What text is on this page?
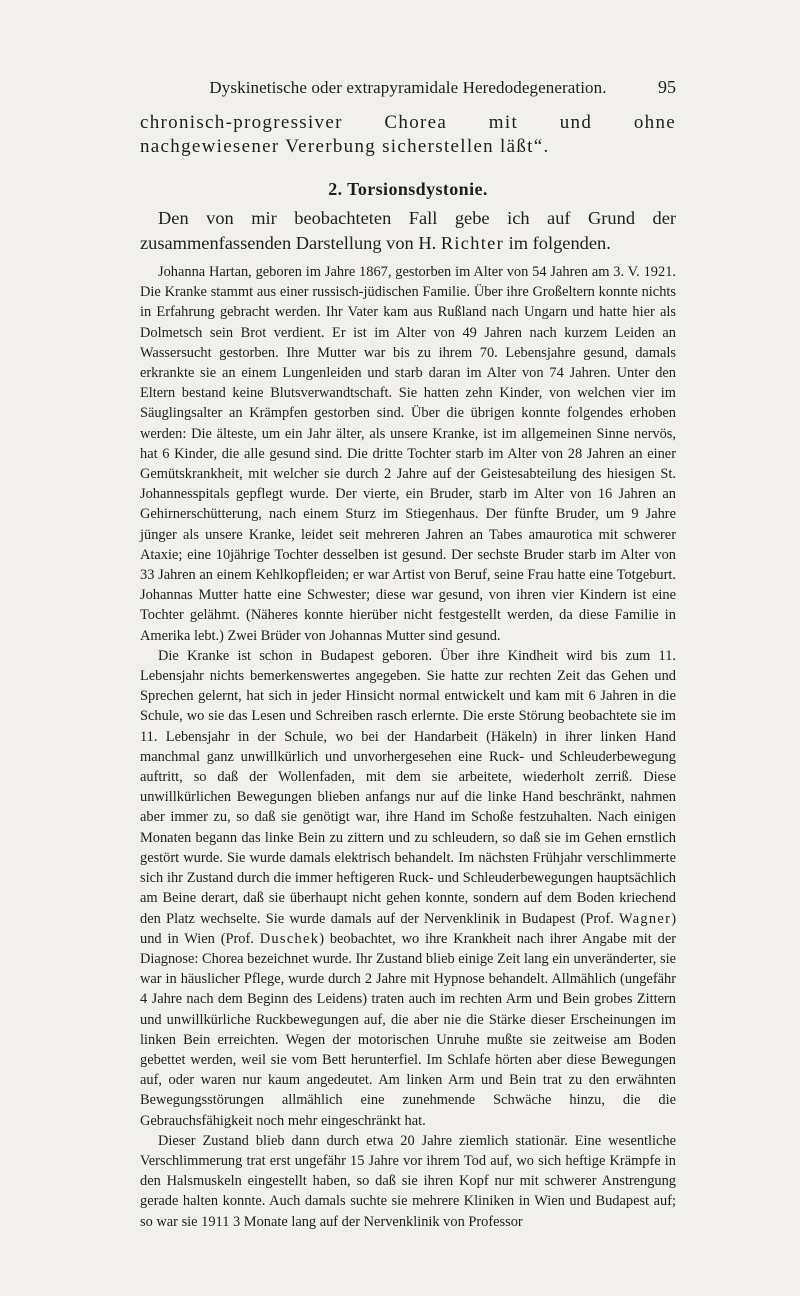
Dyskinetische oder extrapyramidale Heredodegeneration.	95

chronisch-progressiver Chorea mit und ohne nachgewiesener Vererbung sicherstellen läßt“.

2. Torsionsdystonie.

Den von mir beobachteten Fall gebe ich auf Grund der zusammenfassenden Darstellung von H. Richter im folgenden.

Johanna Hartan, geboren im Jahre 1867, gestorben im Alter von 54 Jahren am 3. V. 1921. Die Kranke stammt aus einer russisch-jüdischen Familie. Über ihre Großeltern konnte nichts in Erfahrung gebracht werden. Ihr Vater kam aus Rußland nach Ungarn und hatte hier als Dolmetsch sein Brot verdient. Er ist im Alter von 49 Jahren nach kurzem Leiden an Wassersucht gestorben. Ihre Mutter war bis zu ihrem 70. Lebensjahre gesund, damals erkrankte sie an einem Lungenleiden und starb daran im Alter von 74 Jahren. Unter den Eltern bestand keine Blutsverwandtschaft. Sie hatten zehn Kinder, von welchen vier im Säuglingsalter an Krämpfen gestorben sind. Über die übrigen konnte folgendes erhoben werden: Die älteste, um ein Jahr älter, als unsere Kranke, ist im allgemeinen Sinne nervös, hat 6 Kinder, die alle gesund sind. Die dritte Tochter starb im Alter von 28 Jahren an einer Gemütskrankheit, mit welcher sie durch 2 Jahre auf der Geistesabteilung des hiesigen St. Johannesspitals gepflegt wurde. Der vierte, ein Bruder, starb im Alter von 16 Jahren an Gehirnerschütterung, nach einem Sturz im Stiegenhaus. Der fünfte Bruder, um 9 Jahre jünger als unsere Kranke, leidet seit mehreren Jahren an Tabes amaurotica mit schwerer Ataxie; eine 10jährige Tochter desselben ist gesund. Der sechste Bruder starb im Alter von 33 Jahren an einem Kehlkopfleiden; er war Artist von Beruf, seine Frau hatte eine Totgeburt. Johannas Mutter hatte eine Schwester; diese war gesund, von ihren vier Kindern ist eine Tochter gelähmt. (Näheres konnte hierüber nicht festgestellt werden, da diese Familie in Amerika lebt.) Zwei Brüder von Johannas Mutter sind gesund.

Die Kranke ist schon in Budapest geboren. Über ihre Kindheit wird bis zum 11. Lebensjahr nichts bemerkenswertes angegeben. Sie hatte zur rechten Zeit das Gehen und Sprechen gelernt, hat sich in jeder Hinsicht normal entwickelt und kam mit 6 Jahren in die Schule, wo sie das Lesen und Schreiben rasch erlernte. Die erste Störung beobachtete sie im 11. Lebensjahr in der Schule, wo bei der Handarbeit (Häkeln) in ihrer linken Hand manchmal ganz unwillkürlich und unvorhergesehen eine Ruck- und Schleuderbewegung auftritt, so daß der Wollenfaden, mit dem sie arbeitete, wiederholt zerriß. Diese unwillkürlichen Bewegungen blieben anfangs nur auf die linke Hand beschränkt, nahmen aber immer zu, so daß sie genötigt war, ihre Hand im Schoße festzuhalten. Nach einigen Monaten begann das linke Bein zu zittern und zu schleudern, so daß sie im Gehen ernstlich gestört wurde. Sie wurde damals elektrisch behandelt. Im nächsten Frühjahr verschlimmerte sich ihr Zustand durch die immer heftigeren Ruck- und Schleuderbewegungen hauptsächlich am Beine derart, daß sie überhaupt nicht gehen konnte, sondern auf dem Boden kriechend den Platz wechselte. Sie wurde damals auf der Nervenklinik in Budapest (Prof. Wagner) und in Wien (Prof. Duschek) beobachtet, wo ihre Krankheit nach ihrer Angabe mit der Diagnose: Chorea bezeichnet wurde. Ihr Zustand blieb einige Zeit lang ein unveränderter, sie war in häuslicher Pflege, wurde durch 2 Jahre mit Hypnose behandelt. Allmählich (ungefähr 4 Jahre nach dem Beginn des Leidens) traten auch im rechten Arm und Bein grobes Zittern und unwillkürliche Ruckbewegungen auf, die aber nie die Stärke dieser Erscheinungen im linken Bein erreichten. Wegen der motorischen Unruhe mußte sie zeitweise am Boden gebettet werden, weil sie vom Bett herunterfiel. Im Schlafe hörten aber diese Bewegungen auf, oder waren nur kaum angedeutet. Am linken Arm und Bein trat zu den erwähnten Bewegungsstörungen allmählich eine zunehmende Schwäche hinzu, die die Gebrauchsfähigkeit noch mehr eingeschränkt hat.

Dieser Zustand blieb dann durch etwa 20 Jahre ziemlich stationär. Eine wesentliche Verschlimmerung trat erst ungefähr 15 Jahre vor ihrem Tod auf, wo sich heftige Krämpfe in den Halsmuskeln eingestellt haben, so daß sie ihren Kopf nur mit schwerer Anstrengung gerade halten konnte. Auch damals suchte sie mehrere Kliniken in Wien und Budapest auf; so war sie 1911 3 Monate lang auf der Nervenklinik von Professor
